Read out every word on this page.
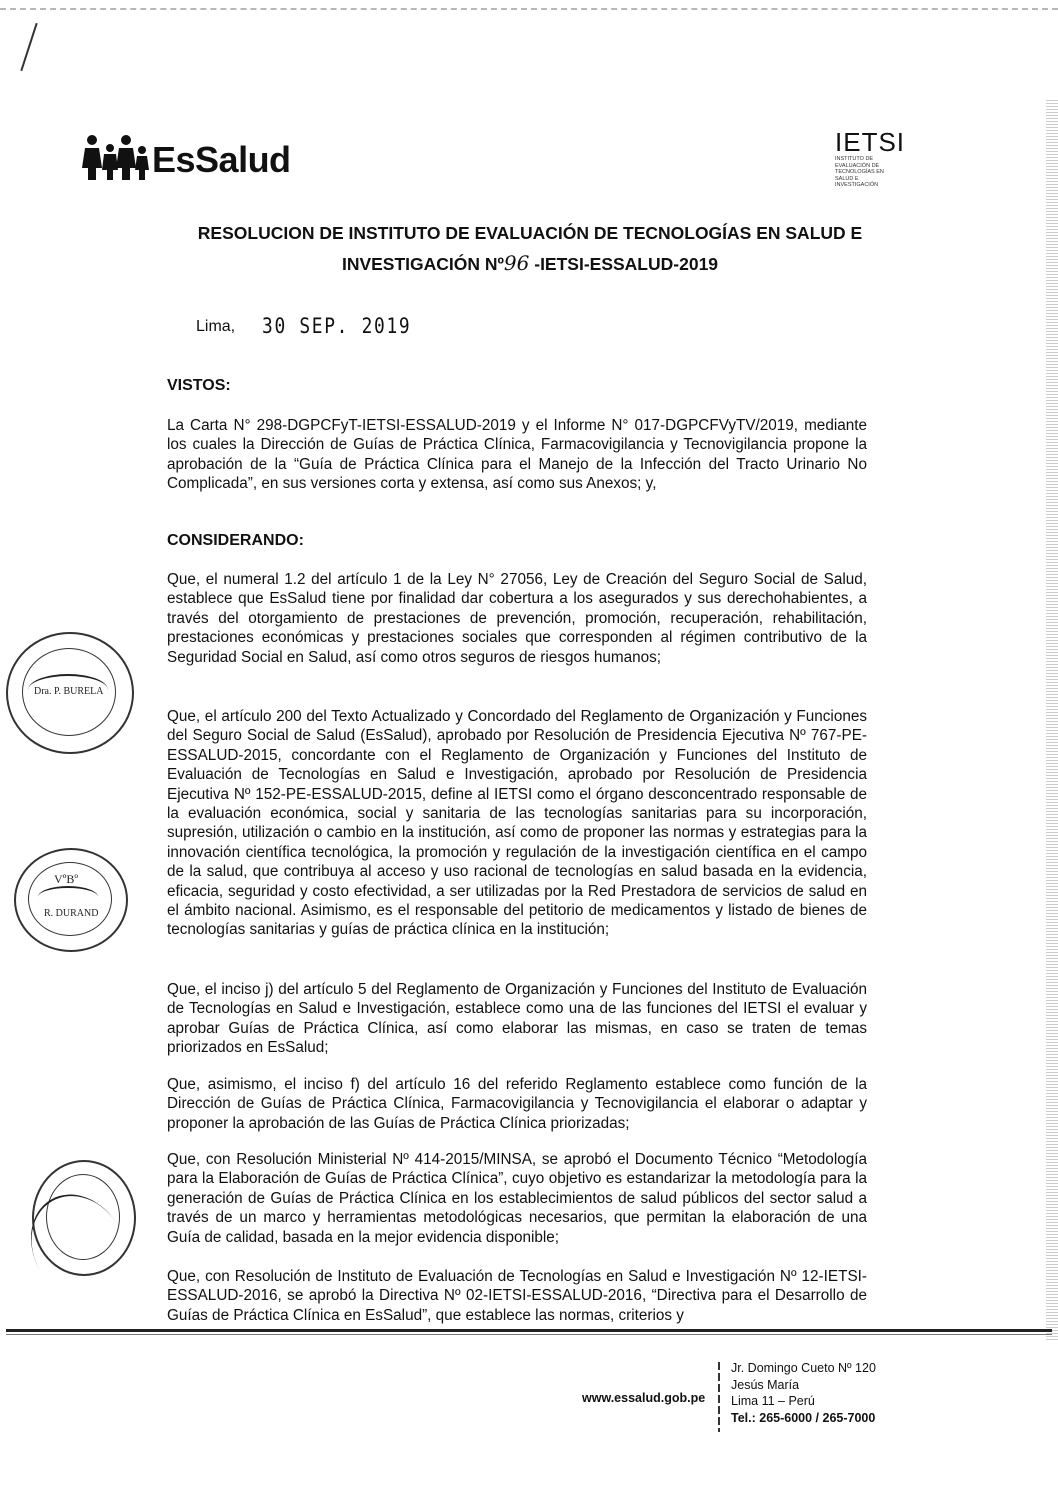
EsSalud	IETSI
INSTITUTO DE EVALUACIÓN DE TECNOLOGÍAS EN SALUD E INVESTIGACIÓN
RESOLUCION DE INSTITUTO DE EVALUACIÓN DE TECNOLOGÍAS EN SALUD E
INVESTIGACIÓN Nº96 -IETSI-ESSALUD-2019
Lima, 30 SEP. 2019
VISTOS:

La Carta N° 298-DGPCFyT-IETSI-ESSALUD-2019 y el Informe N° 017-DGPCFVyTV/2019, mediante los cuales la Dirección de Guías de Práctica Clínica, Farmacovigilancia y Tecnovigilancia propone la aprobación de la “Guía de Práctica Clínica para el Manejo de la Infección del Tracto Urinario No Complicada”, en sus versiones corta y extensa, así como sus Anexos; y,

CONSIDERANDO:

Que, el numeral 1.2 del artículo 1 de la Ley N° 27056, Ley de Creación del Seguro Social de Salud, establece que EsSalud tiene por finalidad dar cobertura a los asegurados y sus derechohabientes, a través del otorgamiento de prestaciones de prevención, promoción, recuperación, rehabilitación, prestaciones económicas y prestaciones sociales que corresponden al régimen contributivo de la Seguridad Social en Salud, así como otros seguros de riesgos humanos;

Que, el artículo 200 del Texto Actualizado y Concordado del Reglamento de Organización y Funciones del Seguro Social de Salud (EsSalud), aprobado por Resolución de Presidencia Ejecutiva Nº 767-PE-ESSALUD-2015, concordante con el Reglamento de Organización y Funciones del Instituto de Evaluación de Tecnologías en Salud e Investigación, aprobado por Resolución de Presidencia Ejecutiva Nº 152-PE-ESSALUD-2015, define al IETSI como el órgano desconcentrado responsable de la evaluación económica, social y sanitaria de las tecnologías sanitarias para su incorporación, supresión, utilización o cambio en la institución, así como de proponer las normas y estrategias para la innovación científica tecnológica, la promoción y regulación de la investigación científica en el campo de la salud, que contribuya al acceso y uso racional de tecnologías en salud basada en la evidencia, eficacia, seguridad y costo efectividad, a ser utilizadas por la Red Prestadora de servicios de salud en el ámbito nacional. Asimismo, es el responsable del petitorio de medicamentos y listado de bienes de tecnologías sanitarias y guías de práctica clínica en la institución;

Que, el inciso j) del artículo 5 del Reglamento de Organización y Funciones del Instituto de Evaluación de Tecnologías en Salud e Investigación, establece como una de las funciones del IETSI el evaluar y aprobar Guías de Práctica Clínica, así como elaborar las mismas, en caso se traten de temas priorizados en EsSalud;

Que, asimismo, el inciso f) del artículo 16 del referido Reglamento establece como función de la Dirección de Guías de Práctica Clínica, Farmacovigilancia y Tecnovigilancia el elaborar o adaptar y proponer la aprobación de las Guías de Práctica Clínica priorizadas;

Que, con Resolución Ministerial Nº 414-2015/MINSA, se aprobó el Documento Técnico “Metodología para la Elaboración de Guías de Práctica Clínica”, cuyo objetivo es estandarizar la metodología para la generación de Guías de Práctica Clínica en los establecimientos de salud públicos del sector salud a través de un marco y herramientas metodológicas necesarios, que permitan la elaboración de una Guía de calidad, basada en la mejor evidencia disponible;

Que, con Resolución de Instituto de Evaluación de Tecnologías en Salud e Investigación Nº 12-IETSI-ESSALUD-2016, se aprobó la Directiva Nº 02-IETSI-ESSALUD-2016, “Directiva para el Desarrollo de Guías de Práctica Clínica en EsSalud”, que establece las normas, criterios y

Dra. P. BURELA
VºBº
R. DURAND
www.essalud.gob.pe
Jr. Domingo Cueto Nº 120
Jesús María
Lima 11 – Perú
Tel.: 265-6000 / 265-7000
